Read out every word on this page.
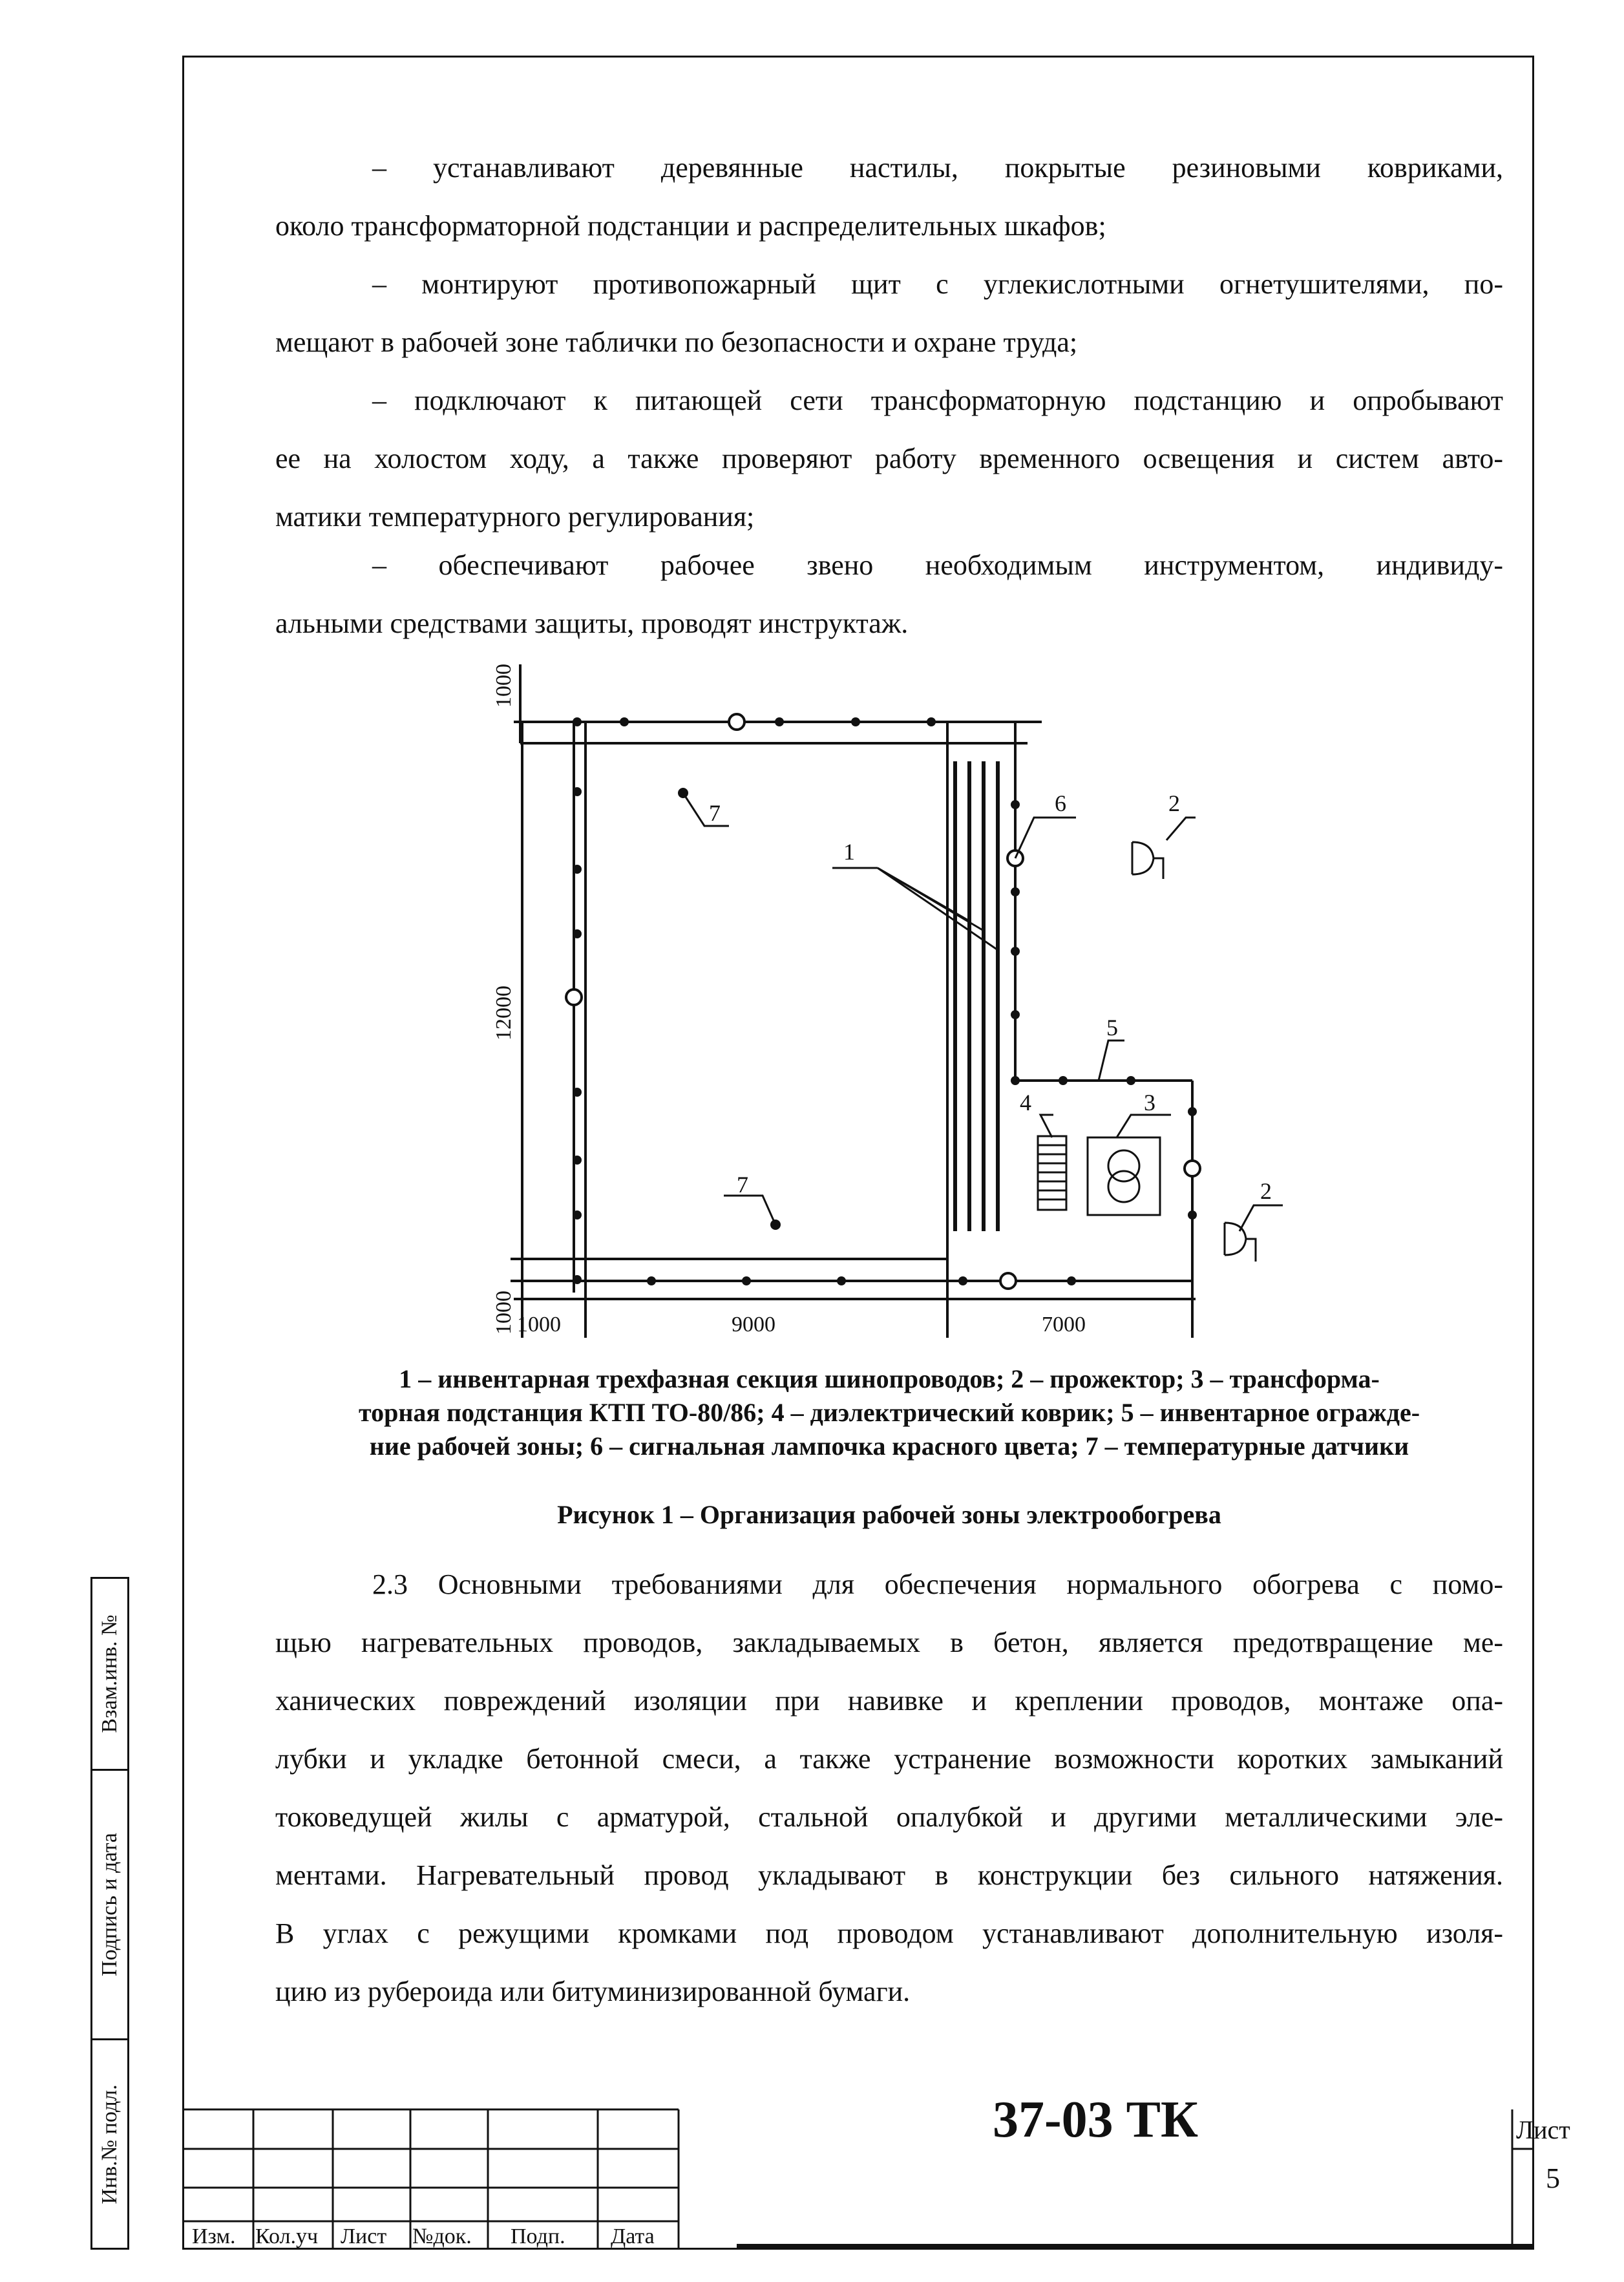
– устанавливают деревянные настилы, покрытые резиновыми ковриками,
около трансформаторной подстанции и распределительных шкафов;
– монтируют противопожарный щит с углекислотными огнетушителями, по-
мещают в рабочей зоне таблички по безопасности и охране труда;
– подключают к питающей сети трансформаторную подстанцию и опробывают
ее на холостом ходу, а также проверяют работу временного освещения и систем авто-
матики температурного регулирования;
– обеспечивают рабочее звено необходимым инструментом, индивиду-
альными средствами защиты, проводят инструктаж.
1
2
2
3
4
5
6
7
7
1000
12000
1000 1000	9000	7000
1 – инвентарная трехфазная секция шинопроводов; 2 – прожектор; 3 – трансформа-
торная подстанция КТП ТО-80/86; 4 – диэлектрический коврик; 5 – инвентарное огражде-
ние рабочей зоны; 6 – сигнальная лампочка красного цвета; 7 – температурные датчики
Рисунок 1 – Организация рабочей зоны электрообогрева
2.3 Основными требованиями для обеспечения нормального обогрева с помо-
щью нагревательных проводов, закладываемых в бетон, является предотвращение ме-
ханических повреждений изоляции при навивке и креплении проводов, монтаже опа-
лубки и укладке бетонной смеси, а также устранение возможности коротких замыканий
токоведущей жилы с арматурой, стальной опалубкой и другими металлическими эле-
ментами. Нагревательный провод укладывают в конструкции без сильного натяжения.
В углах с режущими кромками под проводом устанавливают дополнительную изоля-
цию из рубероида или битуминизированной бумаги.
Взам.инв. №
Подпись и дата
Инв.№ подл.
Изм. Кол.уч Лист №док. Подп. Дата
37-03 ТК	Лист
5
